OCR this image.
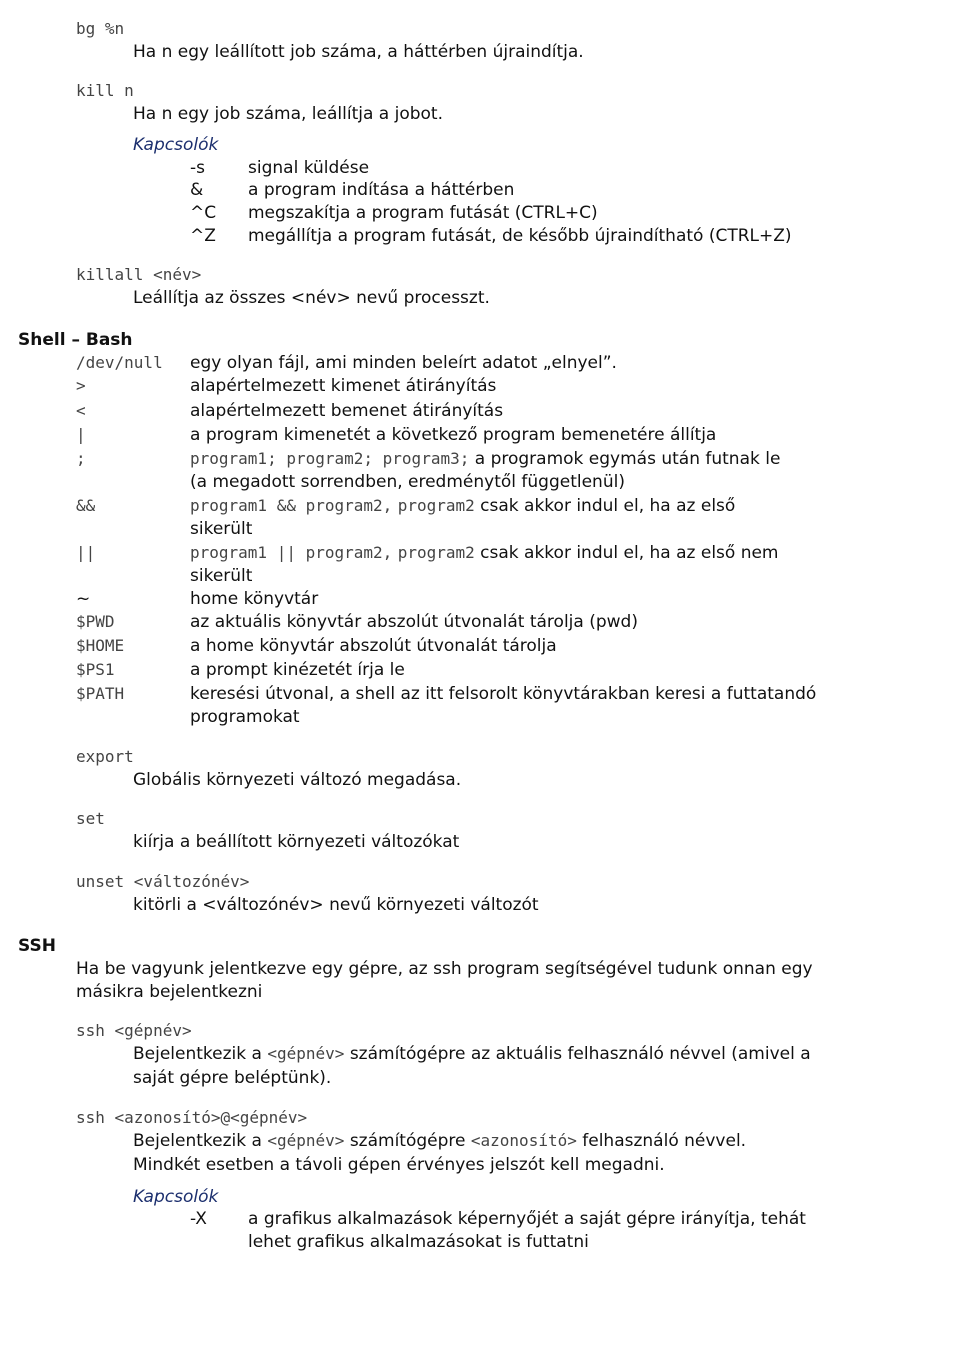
bg %n
Ha n egy leállított job száma, a háttérben újraindítja.
kill n
Ha n egy job száma, leállítja a jobot.
Kapcsolók
-s	signal küldése
&	a program indítása a háttérben
^C megszakítja a program futását (CTRL+C)
^Z megállítja a program futását, de később újraindítható (CTRL+Z)
killall <név>
Leállítja az összes <név> nevű processzt.
Shell – Bash
/dev/null egy olyan fájl, ami minden beleírt adatot „elnyel”.
>	alapértelmezett kimenet átirányítás
<	alapértelmezett bemenet átirányítás
|	a program kimenetét a következő program bemenetére állítja
;	program1; program2; program3; a programok egymás után futnak le
(a megadott sorrendben, eredménytől függetlenül)
&&	program1 && program2, program2 csak akkor indul el, ha az első
sikerült
||	program1 || program2, program2 csak akkor indul el, ha az első nem
sikerült
~	home könyvtár
$PWD	az aktuális könyvtár abszolút útvonalát tárolja (pwd)
$HOME	a home könyvtár abszolút útvonalát tárolja
$PS1	a prompt kinézetét írja le
$PATH	keresési útvonal, a shell az itt felsorolt könyvtárakban keresi a futtatandó
programokat
export
Globális környezeti változó megadása.
set
kiírja a beállított környezeti változókat
unset <változónév>
kitörli a <változónév> nevű környezeti változót
SSH
Ha be vagyunk jelentkezve egy gépre, az ssh program segítségével tudunk onnan egy
másikra bejelentkezni
ssh <gépnév>
Bejelentkezik a <gépnév> számítógépre az aktuális felhasználó névvel (amivel a
saját gépre beléptünk).
ssh <azonosító>@<gépnév>
Bejelentkezik a <gépnév> számítógépre <azonosító> felhasználó névvel.
Mindkét esetben a távoli gépen érvényes jelszót kell megadni.
Kapcsolók
-X a grafikus alkalmazások képernyőjét a saját gépre irányítja, tehát
lehet grafikus alkalmazásokat is futtatni
